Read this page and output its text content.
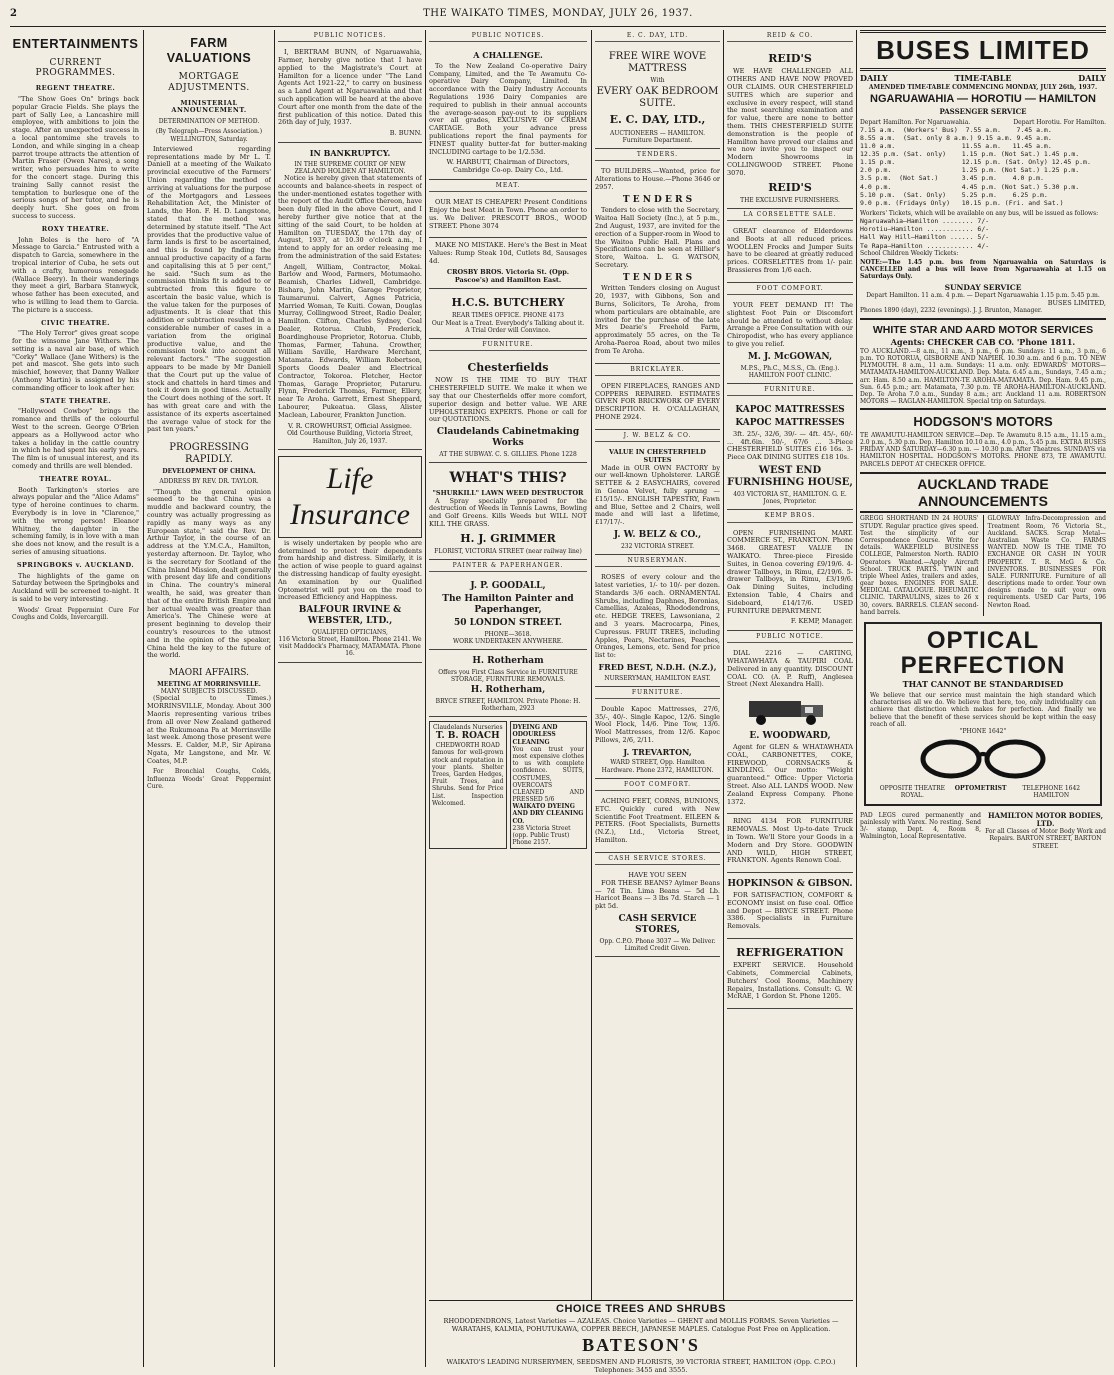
2	THE WAIKATO TIMES, MONDAY, JULY 26, 1937.
ENTERTAINMENTS
CURRENT PROGRAMMES.
REGENT THEATRE.

"The Show Goes On" brings back popular Gracie Fields. She plays the part of Sally Lee, a Lancashire mill employee, with ambitions to join the stage. After an unexpected success in a local pantomime she travels to London, and while singing in a cheap parrot troupe attracts the attention of Martin Fraser (Owen Nares), a song writer, who persuades him to write for the concert stage. During this training Sally cannot resist the temptation to burlesque one of the serious songs of her tutor, and he is deeply hurt. She goes on from success to success.

ROXY THEATRE.

John Boles is the hero of "A Message to Garcia." Entrusted with a dispatch to Garcia, somewhere in the tropical interior of Cuba, he sets out with a crafty, humorous renegade (Wallace Beery). In their wanderings they meet a girl, Barbara Stanwyck, whose father has been executed, and who is willing to lead them to Garcia. The picture is a success.

CIVIC THEATRE.

"The Holy Terror" gives great scope for the winsome Jane Withers. The setting is a naval air base, of which "Corky" Wallace (Jane Withers) is the pet and mascot. She gets into such mischief, however, that Danny Walker (Anthony Martin) is assigned by his commanding officer to look after her.

STATE THEATRE.

"Hollywood Cowboy" brings the romance and thrills of the colourful West to the screen. George O'Brien appears as a Hollywood actor who takes a holiday in the cattle country in which he had spent his early years. The film is of unusual interest, and its comedy and thrills are well blended.

THEATRE ROYAL.

Booth Tarkington's stories are always popular and the "Alice Adams" type of heroine continues to charm. Everybody is in love in "Clarence," with the wrong person! Eleanor Whitney, the daughter in the scheming family, is in love with a man she does not know, and the result is a series of amusing situations.

SPRINGBOKS v. AUCKLAND.

The highlights of the game on Saturday between the Springboks and Auckland will be screened to-night. It is said to be very interesting.

Woods' Great Peppermint Cure For Coughs and Colds, Invercargill.

FARM VALUATIONS
MORTGAGE ADJUSTMENTS.
MINISTERIAL ANNOUNCEMENT.
DETERMINATION OF METHOD.
(By Telegraph—Press Association.) WELLINGTON, Saturday.

Interviewed regarding representations made by Mr L. T. Daniell at a meeting of the Waikato provincial executive of the Farmers' Union regarding the method of arriving at valuations for the purpose of the Mortgagors and Lessees Rehabilitation Act, the Minister of Lands, the Hon. F. H. D. Langstone, stated that the method was determined by statute itself. "The Act provides that the productive value of farm lands is first to be ascertained, and this is found by finding the annual productive capacity of a farm and capitalising this at 5 per cent," he said. "Such sum as the commission thinks fit is added to or subtracted from this figure to ascertain the basic value, which is the value taken for the purposes of adjustments. It is clear that this addition or subtraction resulted in a considerable number of cases in a variation from the original productive value, and the commission took into account all relevant factors." "The suggestion appears to be made by Mr Daniell that the Court put up the value of stock and chattels in hard times and took it down in good times. Actually the Court does nothing of the sort. It has with great care and with the assistance of its experts ascertained the average value of stock for the past ten years."

PROGRESSING RAPIDLY.
DEVELOPMENT OF CHINA.
ADDRESS BY REV. DR. TAYLOR.

"Though the general opinion seemed to be that China was a muddle and backward country, the country was actually progressing as rapidly as many ways as any European state," said the Rev. Dr. Arthur Taylor, in the course of an address at the Y.M.C.A., Hamilton, yesterday afternoon. Dr. Taylor, who is the secretary for Scotland of the China Inland Mission, dealt generally with present day life and conditions in China. The country's mineral wealth, he said, was greater than that of the entire British Empire and her actual wealth was greater than America's. The Chinese were at present beginning to develop their country's resources to the utmost and in the opinion of the speaker, China held the key to the future of the world.

MAORI AFFAIRS.
MEETING AT MORRINSVILLE.
MANY SUBJECTS DISCUSSED.

(Special to Times.) MORRINSVILLE, Monday. About 300 Maoris representing various tribes from all over New Zealand gathered at the Rukumoana Pa at Morrinsville last week. Among those present were Messrs. E. Calder, M.P., Sir Apirana Ngata, Mr Langstone, and Mr. W. Coates, M.P.

For Bronchial Coughs, Colds, Influenza Woods' Great Peppermint Cure.

PUBLIC NOTICES.

I, BERTRAM BUNN, of Ngaruawahia, Farmer, hereby give notice that I have applied to the Magistrate's Court at Hamilton for a licence under "The Land Agents Act 1921-22," to carry on business as a Land Agent at Ngaruawahia and that such application will be heard at the above Court after one month from the date of the first publication of this notice. Dated this 26th day of July, 1937.

B. BUNN.
IN BANKRUPTCY.
IN THE SUPREME COURT OF NEW ZEALAND HOLDEN AT HAMILTON.

Notice is hereby given that statements of accounts and balance-sheets in respect of the under-mentioned estates together with the report of the Audit Office thereon, have been duly filed in the above Court, and I hereby further give notice that at the sitting of the said Court, to be holden at Hamilton on TUESDAY, the 17th day of August, 1937, at 10.30 o'clock a.m., I intend to apply for an order releasing me from the administration of the said Estates:

Angell, William, Contractor, Mokai. Barlow and Wood, Farmers, Motumaoho. Beamish, Charles Lidwell, Cambridge. Bishara, John Martin, Garage Proprietor, Taumarunui. Calvert, Agnes Patricia, Married Woman, Te Kuiti. Cowan, Douglas Murray, Collingwood Street, Radio Dealer, Hamilton. Clifton, Charles Sydney, Coal Dealer, Rotorua. Clubb, Frederick, Boardinghouse Proprietor, Rotorua. Clubb, Thomas, Farmer, Tahuna. Crowther, William Saville, Hardware Merchant, Matamata. Edwards, William Robertson, Sports Goods Dealer and Electrical Contractor, Tokoroa. Fletcher, Hector Thomas, Garage Proprietor, Putaruru. Flynn, Frederick Thomas, Farmer, Ellery, near Te Aroha. Garrett, Ernest Sheppard, Labourer, Pukeatua. Glass, Alister Maclean, Labourer, Frankton Junction.

V. R. CROWHURST, Official Assignee.
Old Courthouse Building, Victoria Street, Hamilton, July 26, 1937.
Life Insurance

is wisely undertaken by people who are determined to protect their dependents from hardship and distress. Similarly, it is the action of wise people to guard against the distressing handicap of faulty eyesight. An examination by our Qualified Optometrist will put you on the road to increased Efficiency and Happiness.

BALFOUR IRVINE & WEBSTER, LTD.,
QUALIFIED OPTICIANS,
116 Victoria Street, Hamilton. Phone 2141. We visit Maddock's Pharmacy, MATAMATA. Phone 16.
PUBLIC NOTICES.
A CHALLENGE.

To the New Zealand Co-operative Dairy Company, Limited, and the Te Awamutu Co-operative Dairy Company, Limited. In accordance with the Dairy Industry Accounts Regulations 1936 Dairy Companies are required to publish in their annual accounts the average-season pay-out to its suppliers over all grades, EXCLUSIVE OF CREAM CARTAGE. Both your advance press publications report the final payments for FINEST quality butter-fat for butter-making INCLUDING cartage to be 1/2.53d.

W. HARBUTT, Chairman of Directors, Cambridge Co-op. Dairy Co., Ltd.
MEAT.

OUR MEAT IS CHEAPER! Present Conditions Enjoy the best Meat in Town. Phone an order to us. We Deliver. PRESCOTT BROS., WOOD STREET. Phone 3074

MAKE NO MISTAKE. Here's the Best in Meat Values: Rump Steak 10d, Cutlets 8d, Sausages 4d.

CROSBY BROS. Victoria St. (Opp. Pascoe's) and Hamilton East.
H.C.S. BUTCHERY
REAR TIMES OFFICE. PHONE 4173
Our Meat is a Treat. Everybody's Talking about it. A Trial Order will Convince.
FURNITURE.
Chesterfields

NOW IS THE TIME TO BUY THAT CHESTERFIELD SUITE. We make it when we say that our Chesterfields offer more comfort, superior design and better value. WE ARE UPHOLSTERING EXPERTS. Phone or call for our QUOTATIONS.

Claudelands Cabinetmaking Works
AT THE SUBWAY. C. S. GILLIES. Phone 1228
WHAT'S THIS?
"SHURKILL" LAWN WEED DESTRUCTOR

A Spray specially prepared for the destruction of Weeds in Tennis Lawns, Bowling and Golf Greens. Kills Weeds but WILL NOT KILL THE GRASS.

H. J. GRIMMER
FLORIST, VICTORIA STREET (near railway line)
PAINTER & PAPERHANGER.
J. P. GOODALL,
The Hamilton Painter and Paperhanger,
50 LONDON STREET.
PHONE—3618.
WORK UNDERTAKEN ANYWHERE.
H. Rotherham
Offers you First Class Service in FURNITURE STORAGE, FURNITURE REMOVALS.
H. Rotherham,
BRYCE STREET, HAMILTON. Private Phone: H. Rotherham, 2923
Claudelands Nurseries
T. B. ROACH
CHEDWORTH ROAD
famous for well-grown stock and reputation in your plants. Shelter Trees, Garden Hedges, Fruit Trees, and Shrubs. Send for Price List. Inspection Welcomed.
DYEING AND ODOURLESS CLEANING
You can trust your most expensive clothes to us with complete confidence. SUITS, COSTUMES, OVERCOATS CLEANED AND PRESSED 5/6
WAIKATO DYEING AND DRY CLEANING CO.
238 Victoria Street (opp. Public Trust) Phone 2157.
E. C. DAY, LTD.
FREE WIRE WOVE MATTRESS
With
EVERY OAK BEDROOM SUITE.
E. C. DAY, LTD.,
AUCTIONEERS — HAMILTON. Furniture Department.
TENDERS.

TO BUILDERS.—Wanted, price for Alterations to House.—Phone 3646 or 2957.

T E N D E R S

Tenders to close with the Secretary, Waitoa Hall Society (Inc.), at 5 p.m., 2nd August, 1937, are invited for the erection of a Supper-room in Wood to the Waitoa Public Hall. Plans and Specifications can be seen at Hillier's Store, Waitoa. L. G. WATSON, Secretary.

T E N D E R S

Written Tenders closing on August 20, 1937, with Gibbons, Son and Burns, Solicitors, Te Aroha, from whom particulars are obtainable, are invited for the purchase of the late Mrs Dearie's Freehold Farm, approximately 55 acres, on the Te Aroha-Paeroa Road, about two miles from Te Aroha.

BRICKLAYER.

OPEN FIREPLACES, RANGES AND COPPERS REPAIRED. ESTIMATES GIVEN FOR BRICKWORK OF EVERY DESCRIPTION. H. O'CALLAGHAN, PHONE 2924.

J. W. BELZ & CO.
VALUE IN CHESTERFIELD SUITES

Made in OUR OWN FACTORY by our well-known Upholsterer. LARGE SETTEE & 2 EASYCHAIRS, covered in Genoa Velvet, fully sprung — £15/15/-. ENGLISH TAPESTRY, Fawn and Blue, Settee and 2 Chairs, well made and will last a lifetime, £17/17/-.

J. W. BELZ & CO.,
232 VICTORIA STREET.
NURSERYMAN.

ROSES of every colour and the latest varieties, 1/- to 10/- per dozen. Standards 3/6 each. ORNAMENTAL Shrubs, including Daphnes, Boronias, Camellias, Azaleas, Rhododendrons, etc. HEDGE TREES, Lawsoniana, 2 and 3 years. Macrocarpa, Pines, Cupressus. FRUIT TREES, including Apples, Pears, Nectarines, Peaches, Oranges, Lemons, etc. Send for price list to:

FRED BEST, N.D.H. (N.Z.),
NURSERYMAN, HAMILTON EAST.
FURNITURE.

Double Kapoc Mattresses, 27/6, 35/-, 40/-. Single Kapoc, 12/6. Single Wool Flock, 14/6. Pine Tow, 13/6. Wool Mattresses, from 12/6. Kapoc Pillows, 2/6, 2/11.

J. TREVARTON,
WARD STREET, Opp. Hamilton Hardware. Phone 2372, HAMILTON.
FOOT COMFORT.

ACHING FEET, CORNS, BUNIONS, ETC. Quickly cured with New Scientific Foot Treatment. EILEEN & PETERS. (Foot Specialists, Burnetts (N.Z.), Ltd., Victoria Street, Hamilton.

CASH SERVICE STORES.
HAVE YOU SEEN

FOR THESE BEANS? Aylmer Beans — 7d Tin. Lima Beans — 5d Lb. Haricot Beans — 3 lbs 7d. Starch — 1 pkt 5d.

CASH SERVICE STORES,
Opp. C.P.O. Phone 3037 — We Deliver. Limited Credit Given.
REID & CO.
REID'S

WE HAVE CHALLENGED ALL OTHERS AND HAVE NOW PROVED OUR CLAIMS. OUR CHESTERFIELD SUITES which are superior and exclusive in every respect, will stand the most searching examination and for value, there are none to better them. THIS CHESTERFIELD SUITE demonstration is the people of Hamilton have proved our claims and we now invite you to inspect our Modern Showrooms in COLLINGWOOD STREET. Phone 3070.

REID'S
THE EXCLUSIVE FURNISHERS.
LA CORSELETTE SALE.

GREAT clearance of Elderdowns and Boots at all reduced prices. WOOLLEN Frocks and Jumper Suits have to be cleared at greatly reduced prices. CORSELETTES from 1/- pair. Brassieres from 1/6 each.

FOOT COMFORT.

YOUR FEET DEMAND IT! The slightest Foot Pain or Discomfort should be attended to without delay. Arrange a Free Consultation with our Chiropodist, who has every appliance to give you relief.

M. J. McGOWAN,
M.P.S., Ph.C., M.S.S., Ch. (Eng.). HAMILTON FOOT CLINIC.
FURNITURE.
KAPOC MATTRESSES
KAPOC MATTRESSES

3ft. 25/-, 32/6, 39/- — 4ft. 45/-, 60/- ... 4ft.6in. 50/-, 67/6 ... 3-Piece CHESTERFIELD SUITES £16 16s. 3-Piece OAK DINING SUITES £18 10s.

WEST END FURNISHING HOUSE,
403 VICTORIA ST., HAMILTON. G. E. Jones, Proprietor.
KEMP BROS.

OPEN FURNISHING MART. COMMERCE ST., FRANKTON. Phone 3468. GREATEST VALUE IN WAIKATO. Three-piece Fireside Suites, in Genoa covering £9/19/6. 4-drawer Tallboys, in Rimu, £2/19/6. 5-drawer Tallboys, in Rimu, £3/19/6. Oak Dining Suites, including Extension Table, 4 Chairs and Sideboard, £14/17/6. USED FURNITURE DEPARTMENT.

F. KEMP, Manager.
PUBLIC NOTICE.

DIAL 2216 — CARTING, WHATAWHATA & TAUPIRI COAL Delivered in any quantity. DISCOUNT COAL CO. (A. P. Ruff), Anglesea Street (Next Alexandra Hall).

E. WOODWARD,

Agent for GLEN & WHATAWHATA COAL, CARBONETTES, COKE, FIREWOOD, CORNSACKS & KINDLING. Our motto: "Weight guaranteed." Office: Upper Victoria Street. Also ALL LANDS WOOD. New Zealand Express Company. Phone 1372.

RING 4134 FOR FURNITURE REMOVALS. Most Up-to-date Truck in Town. We'll Store your Goods in a Modern and Dry Store. GOODWIN AND WILD, HIGH STREET, FRANKTON. Agents Renown Coal.

HOPKINSON & GIBSON.

FOR SATISFACTION, COMFORT & ECONOMY insist on fuse coal. Office and Depot — BRYCE STREET. Phone 3386. Specialists in Furniture Removals.

REFRIGERATION

EXPERT SERVICE. Household Cabinets, Commercial Cabinets, Butchers' Cool Rooms, Machinery Repairs, Installations. Consult: G. W. McRAE, 1 Gordon St. Phone 1205.

CHOICE TREES AND SHRUBS
RHODODENDRONS, Latest Varieties — AZALEAS. Choice Varieties — GHENT and MOLLIS FORMS. Seven Varieties — WARATAHS, KALMIA, POHUTUKAWA, COPPER BEECH, JAPANESE MAPLES. Catalogue Post Free on Application.
BATESON'S
WAIKATO'S LEADING NURSERYMEN, SEEDSMEN AND FLORISTS, 39 VICTORIA STREET, HAMILTON (Opp. C.P.O.) Telephones: 3455 and 3555.
BUSES LIMITED
DAILY	TIME-TABLE	DAILY
AMENDED TIME-TABLE COMMENCING MONDAY, JULY 26th, 1937.
NGARUAWAHIA — HOROTIU — HAMILTON
PASSENGER SERVICE
Depart Hamilton. For Ngaruawahia.	Depart Horotiu. For Hamilton.
7.15 a.m.  (Workers' Bus)  7.55 a.m.    7.45 a.m.
8.55 a.m.  (Sat. only 8 a.m.) 9.15 a.m. 9.45 a.m.
11.0 a.m.                 11.55 a.m.   11.45 a.m.
12.35 p.m. (Sat. only)    1.15 p.m. (Not Sat.) 1.45 p.m.
1.15 p.m.                 12.15 p.m. (Sat. Only) 12.45 p.m.
2.0 p.m.                  1.25 p.m. (Not Sat.) 1.25 p.m.
3.5 p.m.  (Not Sat.)      3.45 p.m.    4.0 p.m.
4.0 p.m.                  4.45 p.m. (Not Sat.) 5.30 p.m.
5.10 p.m.  (Sat. Only)    5.25 p.m.    6.25 p.m.
9.0 p.m. (Fridays Only)   10.15 p.m. (Fri. and Sat.)
Workers' Tickets, which will be available on any bus, will be issued as follows:
Ngaruawahia—Hamilton ........ 7/-
Horotiu—Hamilton ............ 6/-
Hall Way Hill—Hamilton ...... 5/-
Te Rapa—Hamilton ............ 4/-
School Children Weekly Tickets:
NOTE:—The 1.45 p.m. bus from Ngaruawahia on Saturdays is CANCELLED and a bus will leave from Ngaruawahia at 1.15 on Saturdays Only.
SUNDAY SERVICE
Depart Hamilton. 11 a.m. 4 p.m. — Depart Ngaruawahia 1.15 p.m. 5.45 p.m.
BUSES LIMITED,
Phones 1890 (day), 2232 (evenings). J. J. Brunton, Manager.
WHITE STAR AND AARD MOTOR SERVICES
Agents: CHECKER CAB CO. 'Phone 1811.
TO AUCKLAND.—8 a.m., 11 a.m., 3 p.m., 6 p.m. Sundays: 11 a.m., 3 p.m., 6 p.m. TO ROTORUA, GISBORNE AND NAPIER. 10.30 a.m. and 6 p.m. TO NEW PLYMOUTH. 8 a.m., 11 a.m. Sundays: 11 a.m. only. EDWARDS' MOTORS—MATAMATA-HAMILTON-AUCKLAND. Dep. Mata. 6.45 a.m., Sundays, 7.45 a.m.; arr. Ham. 8.50 a.m. HAMILTON-TE AROHA-MATAMATA. Dep. Ham. 9.45 p.m., Sun. 6.45 p.m.; arr. Matamata, 7.30 p.m. TE AROHA-HAMILTON-AUCKLAND. Dep. Te Aroha 7.0 a.m., Sunday 8 a.m.; arr. Auckland 11 a.m. ROBERTSON MOTORS — RAGLAN-HAMILTON. Special trip on Saturdays.
HODGSON'S MOTORS
TE AWAMUTU-HAMILTON SERVICE—Dep. Te Awamutu 8.15 a.m., 11.15 a.m., 2.0 p.m., 5.30 p.m. Dep. Hamilton 10.10 a.m., 4.0 p.m., 5.45 p.m. EXTRA BUSES FRIDAY AND SATURDAY—6.30 p.m. — 10.30 p.m. After Theatres. SUNDAYS via HAMILTON HOSPITAL. HODGSON'S MOTORS. PHONE 873, TE AWAMUTU. PARCELS DEPOT AT CHECKER OFFICE.
AUCKLAND TRADE ANNOUNCEMENTS
GREGG SHORTHAND IN 24 HOURS' STUDY. Regular practice gives speed. Test the simplicity of our Correspondence Course. Write for details. WAKEFIELD BUSINESS COLLEGE, Palmerston North. RADIO Operators Wanted.—Apply Aircraft School. TRUCK PARTS. TWIN and triple Wheel Axles, trailers and axles, gear boxes. ENGINES FOR SALE. MEDICAL CATALOGUE. RHEUMATIC CLINIC. TARPAULINS, sizes to 26 x 30, covers. BARRELS. CLEAN second-hand barrels.
GLOWRAY Infra-Decompression and Treatment Room, 76 Victoria St., Auckland. SACKS. Scrap Metal—Australian Waste Co. FARMS WANTED. NOW IS THE TIME TO EXCHANGE OR CASH IN YOUR PROPERTY. T. R. McG & Co. INVENTORS. BUSINESSES FOR SALE. FURNITURE. Furniture of all descriptions made to order. Your own designs made to suit your own requirements. USED Car Parts, 196 Newton Road.
OPTICAL
PERFECTION
THAT CANNOT BE STANDARDISED
We believe that our service must maintain the high standard which characterises all we do. We believe that here, too, only individuality can achieve that distinction which makes for perfection. And finally we believe that the benefit of these services should be kept within the easy reach of all.
"PHONE 1642"
OPPOSITE THEATRE ROYAL.
OPTOMETRIST	TELEPHONE 1642 HAMILTON
PAD LEGS cured permanently and painlessly with Varex. No resting. Send 3/- stamp, Dept. 4, Room 8, Walmington, Local Representative.
HAMILTON MOTOR BODIES, LTD.
For all Classes of Motor Body Work and Repairs. BARTON STREET, BARTON STREET.
